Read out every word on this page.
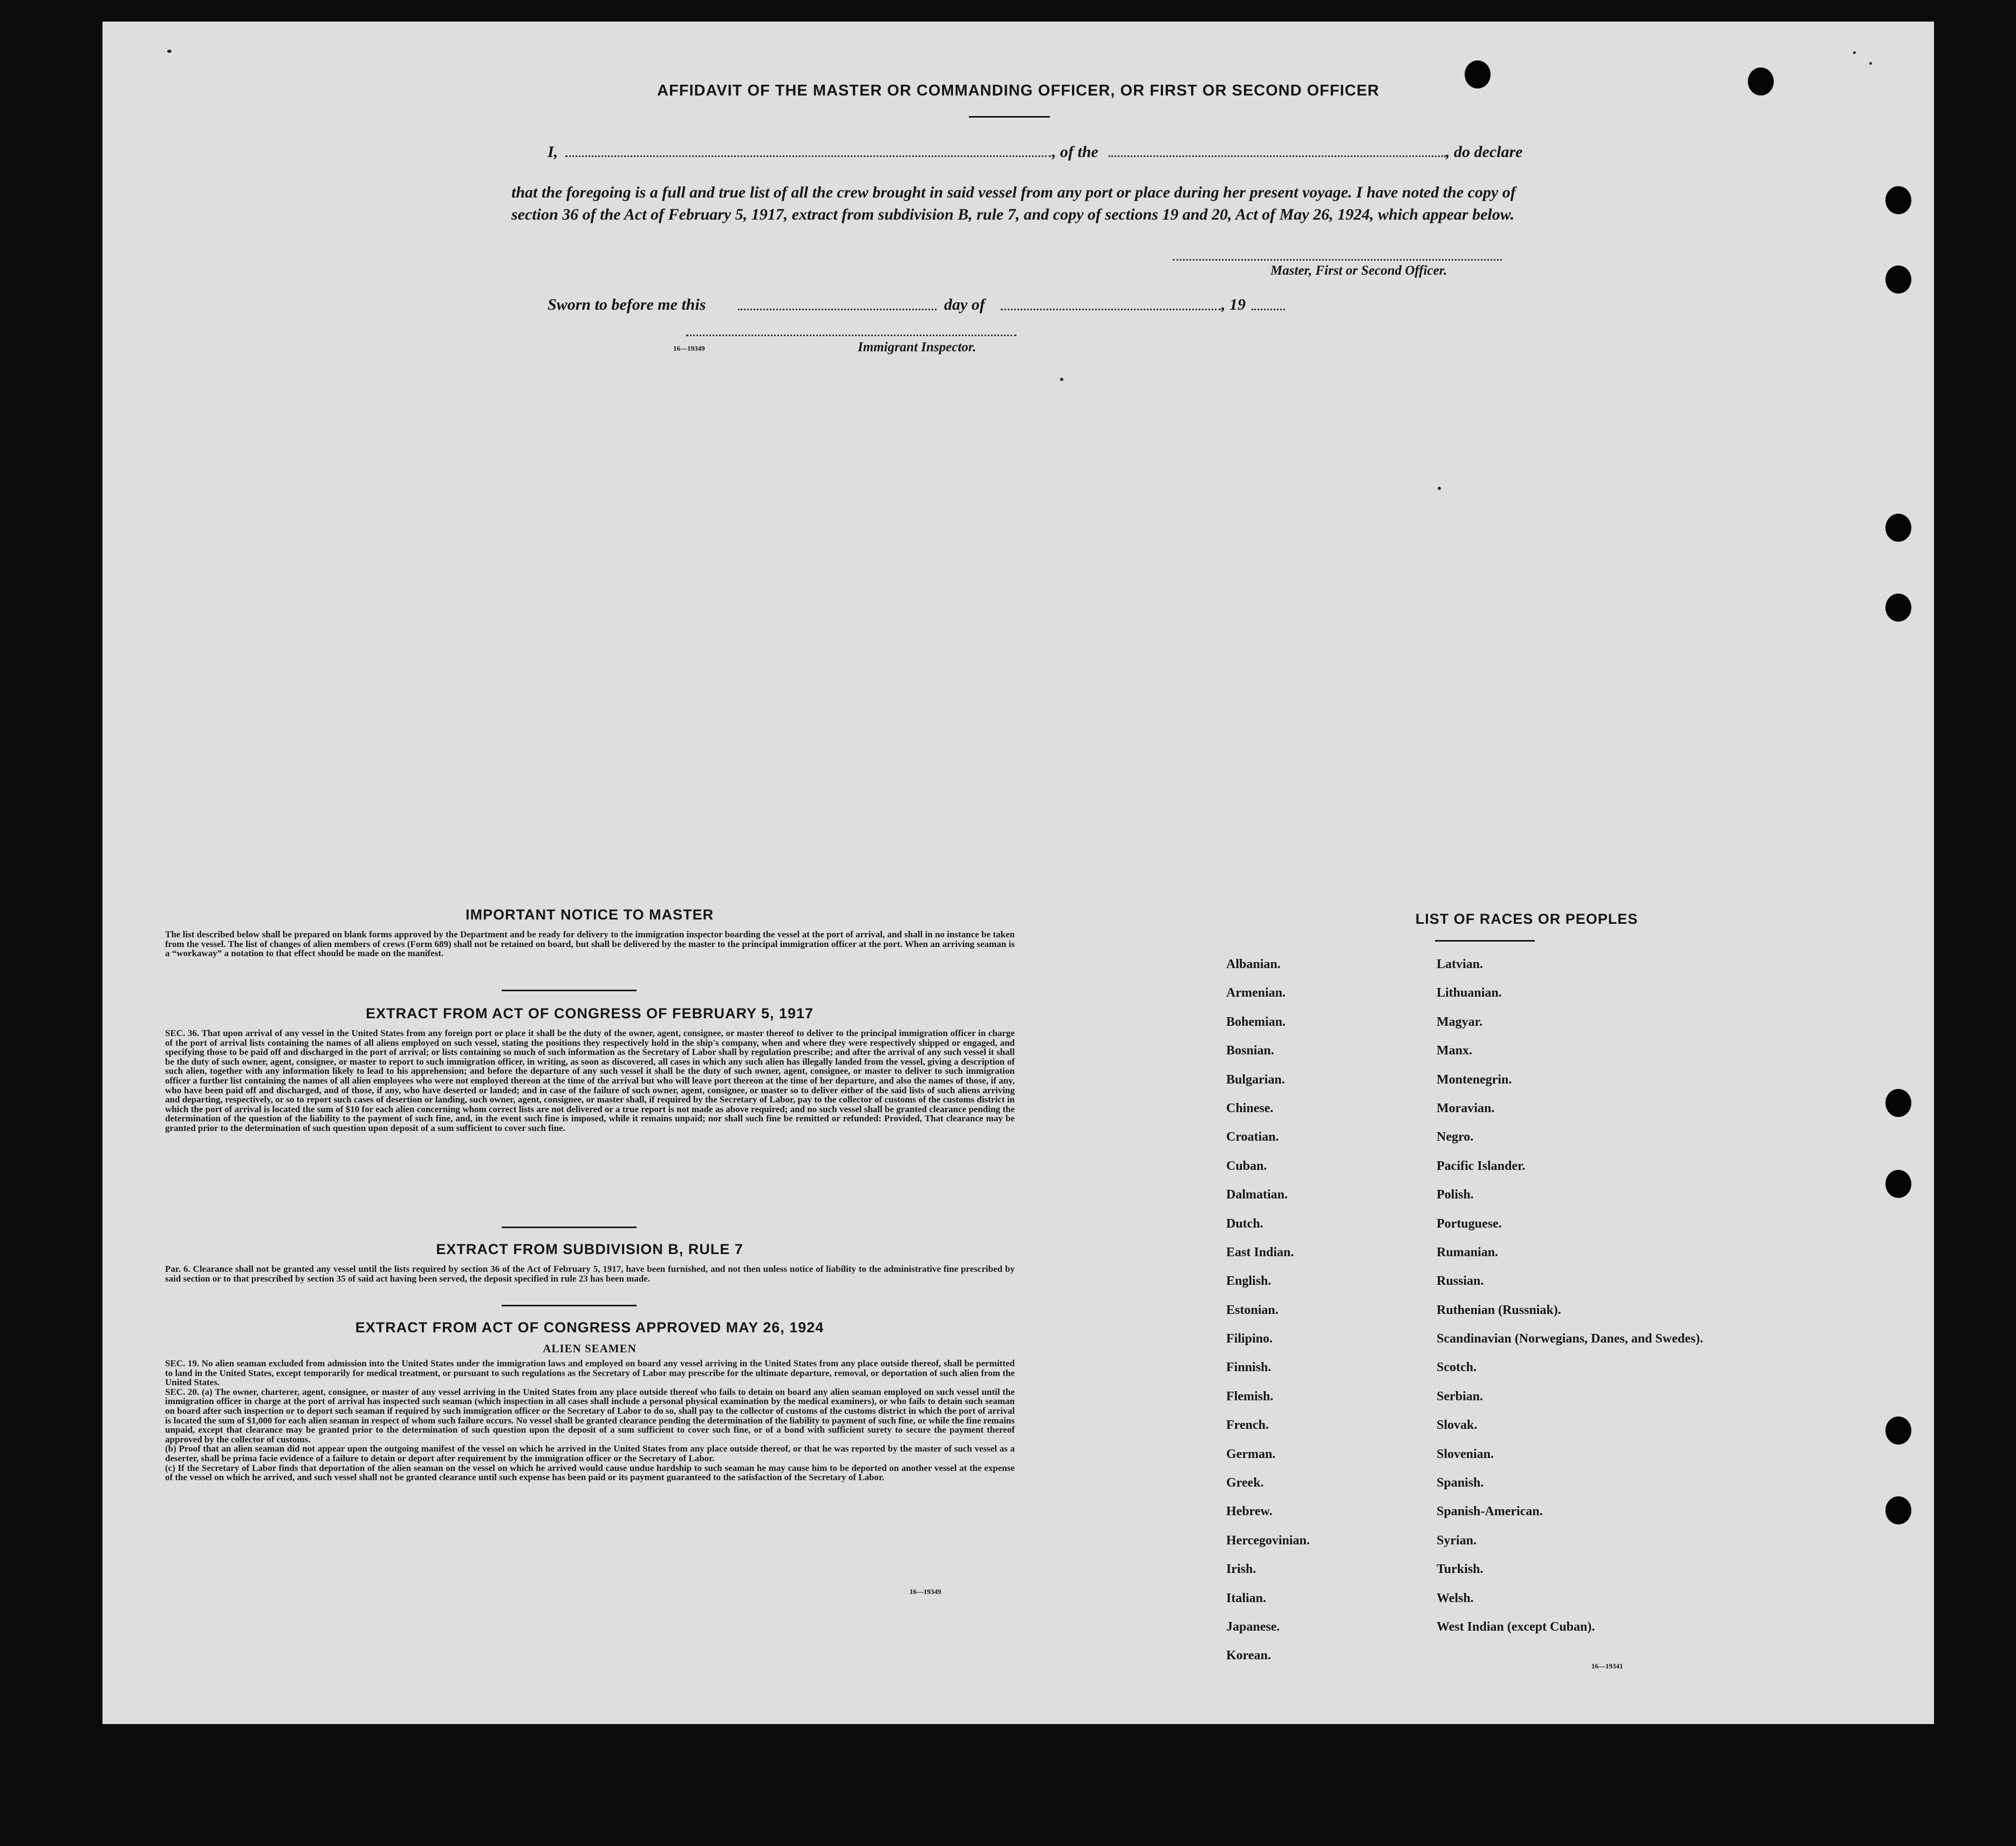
AFFIDAVIT OF THE MASTER OR COMMANDING OFFICER, OR FIRST OR SECOND OFFICER
I,	, of the	, do declare
that the foregoing is a full and true list of all the crew brought in said vessel from any port or place during her present voyage. I have noted the copy of section 36 of the Act of February 5, 1917, extract from subdivision B, rule 7, and copy of sections 19 and 20, Act of May 26, 1924, which appear below.
Master, First or Second Officer.
Sworn to before me this	day of	, 19
16—19349	Immigrant Inspector.
IMPORTANT NOTICE TO MASTER
The list described below shall be prepared on blank forms approved by the Department and be ready for delivery to the immigration inspector boarding the vessel at the port of arrival, and shall in no instance be taken from the vessel. The list of changes of alien members of crews (Form 689) shall not be retained on board, but shall be delivered by the master to the principal immigration officer at the port. When an arriving seaman is a “workaway” a notation to that effect should be made on the manifest.
EXTRACT FROM ACT OF CONGRESS OF FEBRUARY 5, 1917
SEC. 36. That upon arrival of any vessel in the United States from any foreign port or place it shall be the duty of the owner, agent, consignee, or master thereof to deliver to the principal immigration officer in charge of the port of arrival lists containing the names of all aliens employed on such vessel, stating the positions they respectively hold in the ship's company, when and where they were respectively shipped or engaged, and specifying those to be paid off and discharged in the port of arrival; or lists containing so much of such information as the Secretary of Labor shall by regulation prescribe; and after the arrival of any such vessel it shall be the duty of such owner, agent, consignee, or master to report to such immigration officer, in writing, as soon as discovered, all cases in which any such alien has illegally landed from the vessel, giving a description of such alien, together with any information likely to lead to his apprehension; and before the departure of any such vessel it shall be the duty of such owner, agent, consignee, or master to deliver to such immigration officer a further list containing the names of all alien employees who were not employed thereon at the time of the arrival but who will leave port thereon at the time of her departure, and also the names of those, if any, who have been paid off and discharged, and of those, if any, who have deserted or landed; and in case of the failure of such owner, agent, consignee, or master so to deliver either of the said lists of such aliens arriving and departing, respectively, or so to report such cases of desertion or landing, such owner, agent, consignee, or master shall, if required by the Secretary of Labor, pay to the collector of customs of the customs district in which the port of arrival is located the sum of $10 for each alien concerning whom correct lists are not delivered or a true report is not made as above required; and no such vessel shall be granted clearance pending the determination of the question of the liability to the payment of such fine, and, in the event such fine is imposed, while it remains unpaid; nor shall such fine be remitted or refunded: Provided, That clearance may be granted prior to the determination of such question upon deposit of a sum sufficient to cover such fine.
EXTRACT FROM SUBDIVISION B, RULE 7
Par. 6. Clearance shall not be granted any vessel until the lists required by section 36 of the Act of February 5, 1917, have been furnished, and not then unless notice of liability to the administrative fine prescribed by said section or to that prescribed by section 35 of said act having been served, the deposit specified in rule 23 has been made.
EXTRACT FROM ACT OF CONGRESS APPROVED MAY 26, 1924
ALIEN SEAMEN

SEC. 19. No alien seaman excluded from admission into the United States under the immigration laws and employed on board any vessel arriving in the United States from any place outside thereof, shall be permitted to land in the United States, except temporarily for medical treatment, or pursuant to such regulations as the Secretary of Labor may prescribe for the ultimate departure, removal, or deportation of such alien from the United States.

SEC. 20. (a) The owner, charterer, agent, consignee, or master of any vessel arriving in the United States from any place outside thereof who fails to detain on board any alien seaman employed on such vessel until the immigration officer in charge at the port of arrival has inspected such seaman (which inspection in all cases shall include a personal physical examination by the medical examiners), or who fails to detain such seaman on board after such inspection or to deport such seaman if required by such immigration officer or the Secretary of Labor to do so, shall pay to the collector of customs of the customs district in which the port of arrival is located the sum of $1,000 for each alien seaman in respect of whom such failure occurs. No vessel shall be granted clearance pending the determination of the liability to payment of such fine, or while the fine remains unpaid, except that clearance may be granted prior to the determination of such question upon the deposit of a sum sufficient to cover such fine, or of a bond with sufficient surety to secure the payment thereof approved by the collector of customs.

(b) Proof that an alien seaman did not appear upon the outgoing manifest of the vessel on which he arrived in the United States from any place outside thereof, or that he was reported by the master of such vessel as a deserter, shall be prima facie evidence of a failure to detain or deport after requirement by the immigration officer or the Secretary of Labor.

(c) If the Secretary of Labor finds that deportation of the alien seaman on the vessel on which he arrived would cause undue hardship to such seaman he may cause him to be deported on another vessel at the expense of the vessel on which he arrived, and such vessel shall not be granted clearance until such expense has been paid or its payment guaranteed to the satisfaction of the Secretary of Labor.

16—19349
LIST OF RACES OR PEOPLES
Albanian.
Armenian.
Bohemian.
Bosnian.
Bulgarian.
Chinese.
Croatian.
Cuban.
Dalmatian.
Dutch.
East Indian.
English.
Estonian.
Filipino.
Finnish.
Flemish.
French.
German.
Greek.
Hebrew.
Hercegovinian.
Irish.
Italian.
Japanese.
Korean.
Latvian.
Lithuanian.
Magyar.
Manx.
Montenegrin.
Moravian.
Negro.
Pacific Islander.
Polish.
Portuguese.
Rumanian.
Russian.
Ruthenian (Russniak).
Scandinavian (Norwegians, Danes, and Swedes).
Scotch.
Serbian.
Slovak.
Slovenian.
Spanish.
Spanish-American.
Syrian.
Turkish.
Welsh.
West Indian (except Cuban).
16—19341
